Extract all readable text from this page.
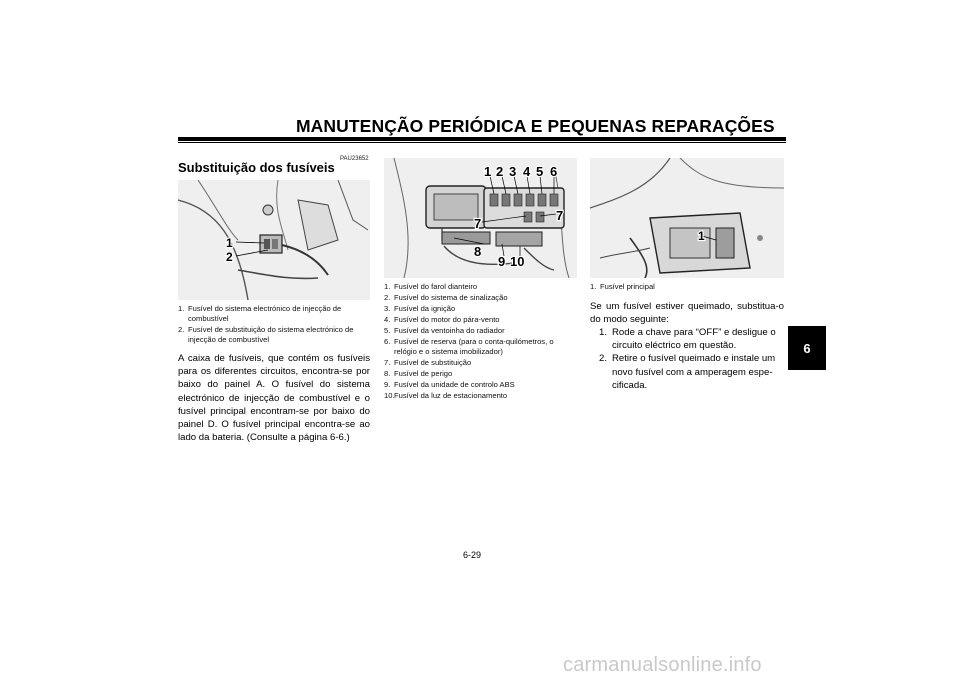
MANUTENÇÃO PERIÓDICA E PEQUENAS REPARAÇÕES
6
PAU23652
Substituição dos fusíveis
1
2
1. Fusível do sistema electrónico de injecção de combustível
2. Fusível de substituição do sistema electrónico de injecção de combustível
A caixa de fusíveis, que contém os fusíveis para os diferentes circuitos, encontra-se por baixo do painel A. O fusível do sistema electrónico de injecção de combustível e o fusível principal encontram-se por baixo do painel D. O fusível principal encontra-se ao lado da bateria. (Consulte a página 6-6.)
1 2 3 4 5 6
7
7
8
9 10
1. Fusível do farol dianteiro
2. Fusível do sistema de sinalização
3. Fusível da ignição
4. Fusível do motor do pára-vento
5. Fusível da ventoinha do radiador
6. Fusível de reserva (para o conta-quilómetros, o relógio e o sistema imobilizador)
7. Fusível de substituição
8. Fusível de perigo
9. Fusível da unidade de controlo ABS
10. Fusível da luz de estacionamento
1
1. Fusível principal
Se um fusível estiver queimado, substitua-o do modo seguinte:
1. Rode a chave para “OFF” e desligue o circuito eléctrico em questão.
2. Retire o fusível queimado e instale um novo fusível com a amperagem espe-cificada.
6-29
carmanualsonline.info
